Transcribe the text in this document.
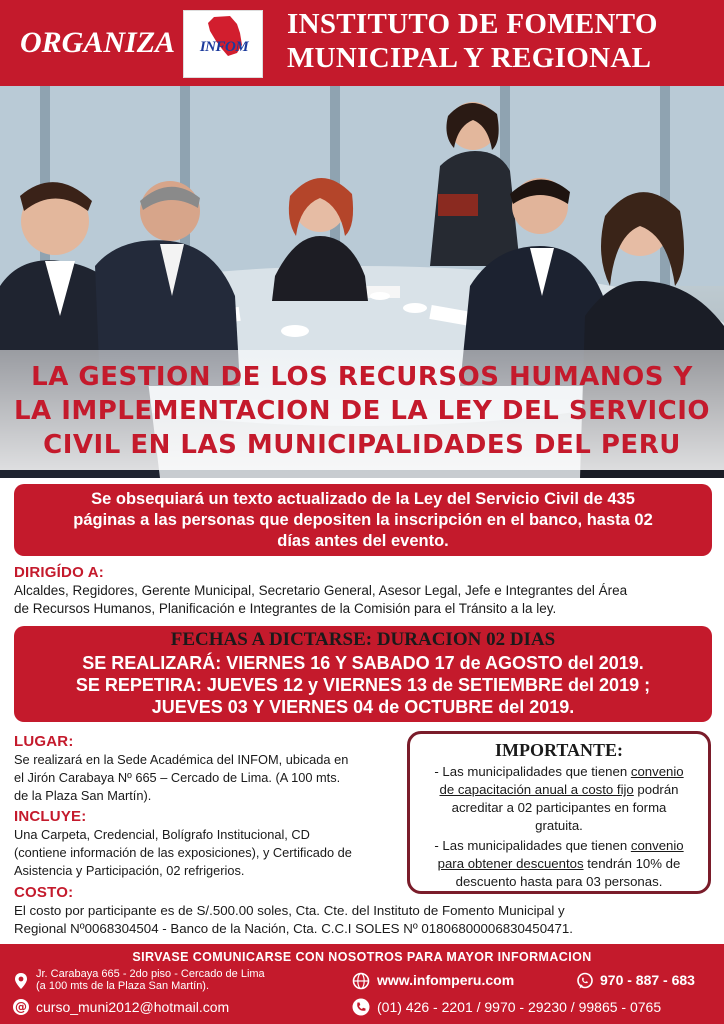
ORGANIZA	INFOM
INSTITUTO DE FOMENTO
MUNICIPAL Y REGIONAL
LA GESTION DE LOS RECURSOS HUMANOS Y
LA IMPLEMENTACION DE LA LEY DEL SERVICIO
CIVIL EN LAS MUNICIPALIDADES DEL PERU

Se obsequiará un texto actualizado de la Ley del Servicio Civil de 435

páginas a las personas que depositen la inscripción en el banco, hasta 02

días antes del evento.

DIRIGÍDO A:
Alcaldes, Regidores, Gerente Municipal, Secretario General, Asesor Legal, Jefe e Integrantes del Área
de Recursos Humanos, Planificación e Integrantes de la Comisión para el Tránsito a la ley.
FECHAS A DICTARSE: DURACION 02 DIAS
SE REALIZARÁ: VIERNES 16 Y SABADO 17 de AGOSTO del 2019.
SE REPETIRA: JUEVES 12 y VIERNES 13 de SETIEMBRE del 2019 ;
JUEVES 03 Y VIERNES 04 de OCTUBRE del 2019.
LUGAR:
Se realizará en la Sede Académica del INFOM, ubicada en
el Jirón Carabaya Nº 665 – Cercado de Lima. (A 100 mts.
de la Plaza San Martín).
INCLUYE:
Una Carpeta, Credencial, Bolígrafo Institucional, CD
(contiene información de las exposiciones), y Certificado de
Asistencia y Participación, 02 refrigerios.
IMPORTANTE:
- Las municipalidades que tienen convenio
de capacitación anual a costo fijo podrán
acreditar a 02 participantes en forma
gratuita.
- Las municipalidades que tienen convenio
para obtener descuentos tendrán 10% de
descuento hasta para 03 personas.
COSTO:
El costo por participante es de S/.500.00 soles, Cta. Cte. del Instituto de Fomento Municipal y
Regional Nº0068304504 - Banco de la Nación, Cta. C.C.I SOLES Nº 01806800006830450471.
SIRVASE COMUNICARSE CON NOSOTROS PARA MAYOR INFORMACION
Jr. Carabaya 665 - 2do piso - Cercado de Lima
(a 100 mts de la Plaza San Martín).
@ curso_muni2012@hotmail.com
www.infomperu.com
(01) 426 - 2201 / 9970 - 29230 / 99865 - 0765
970 - 887 - 683
